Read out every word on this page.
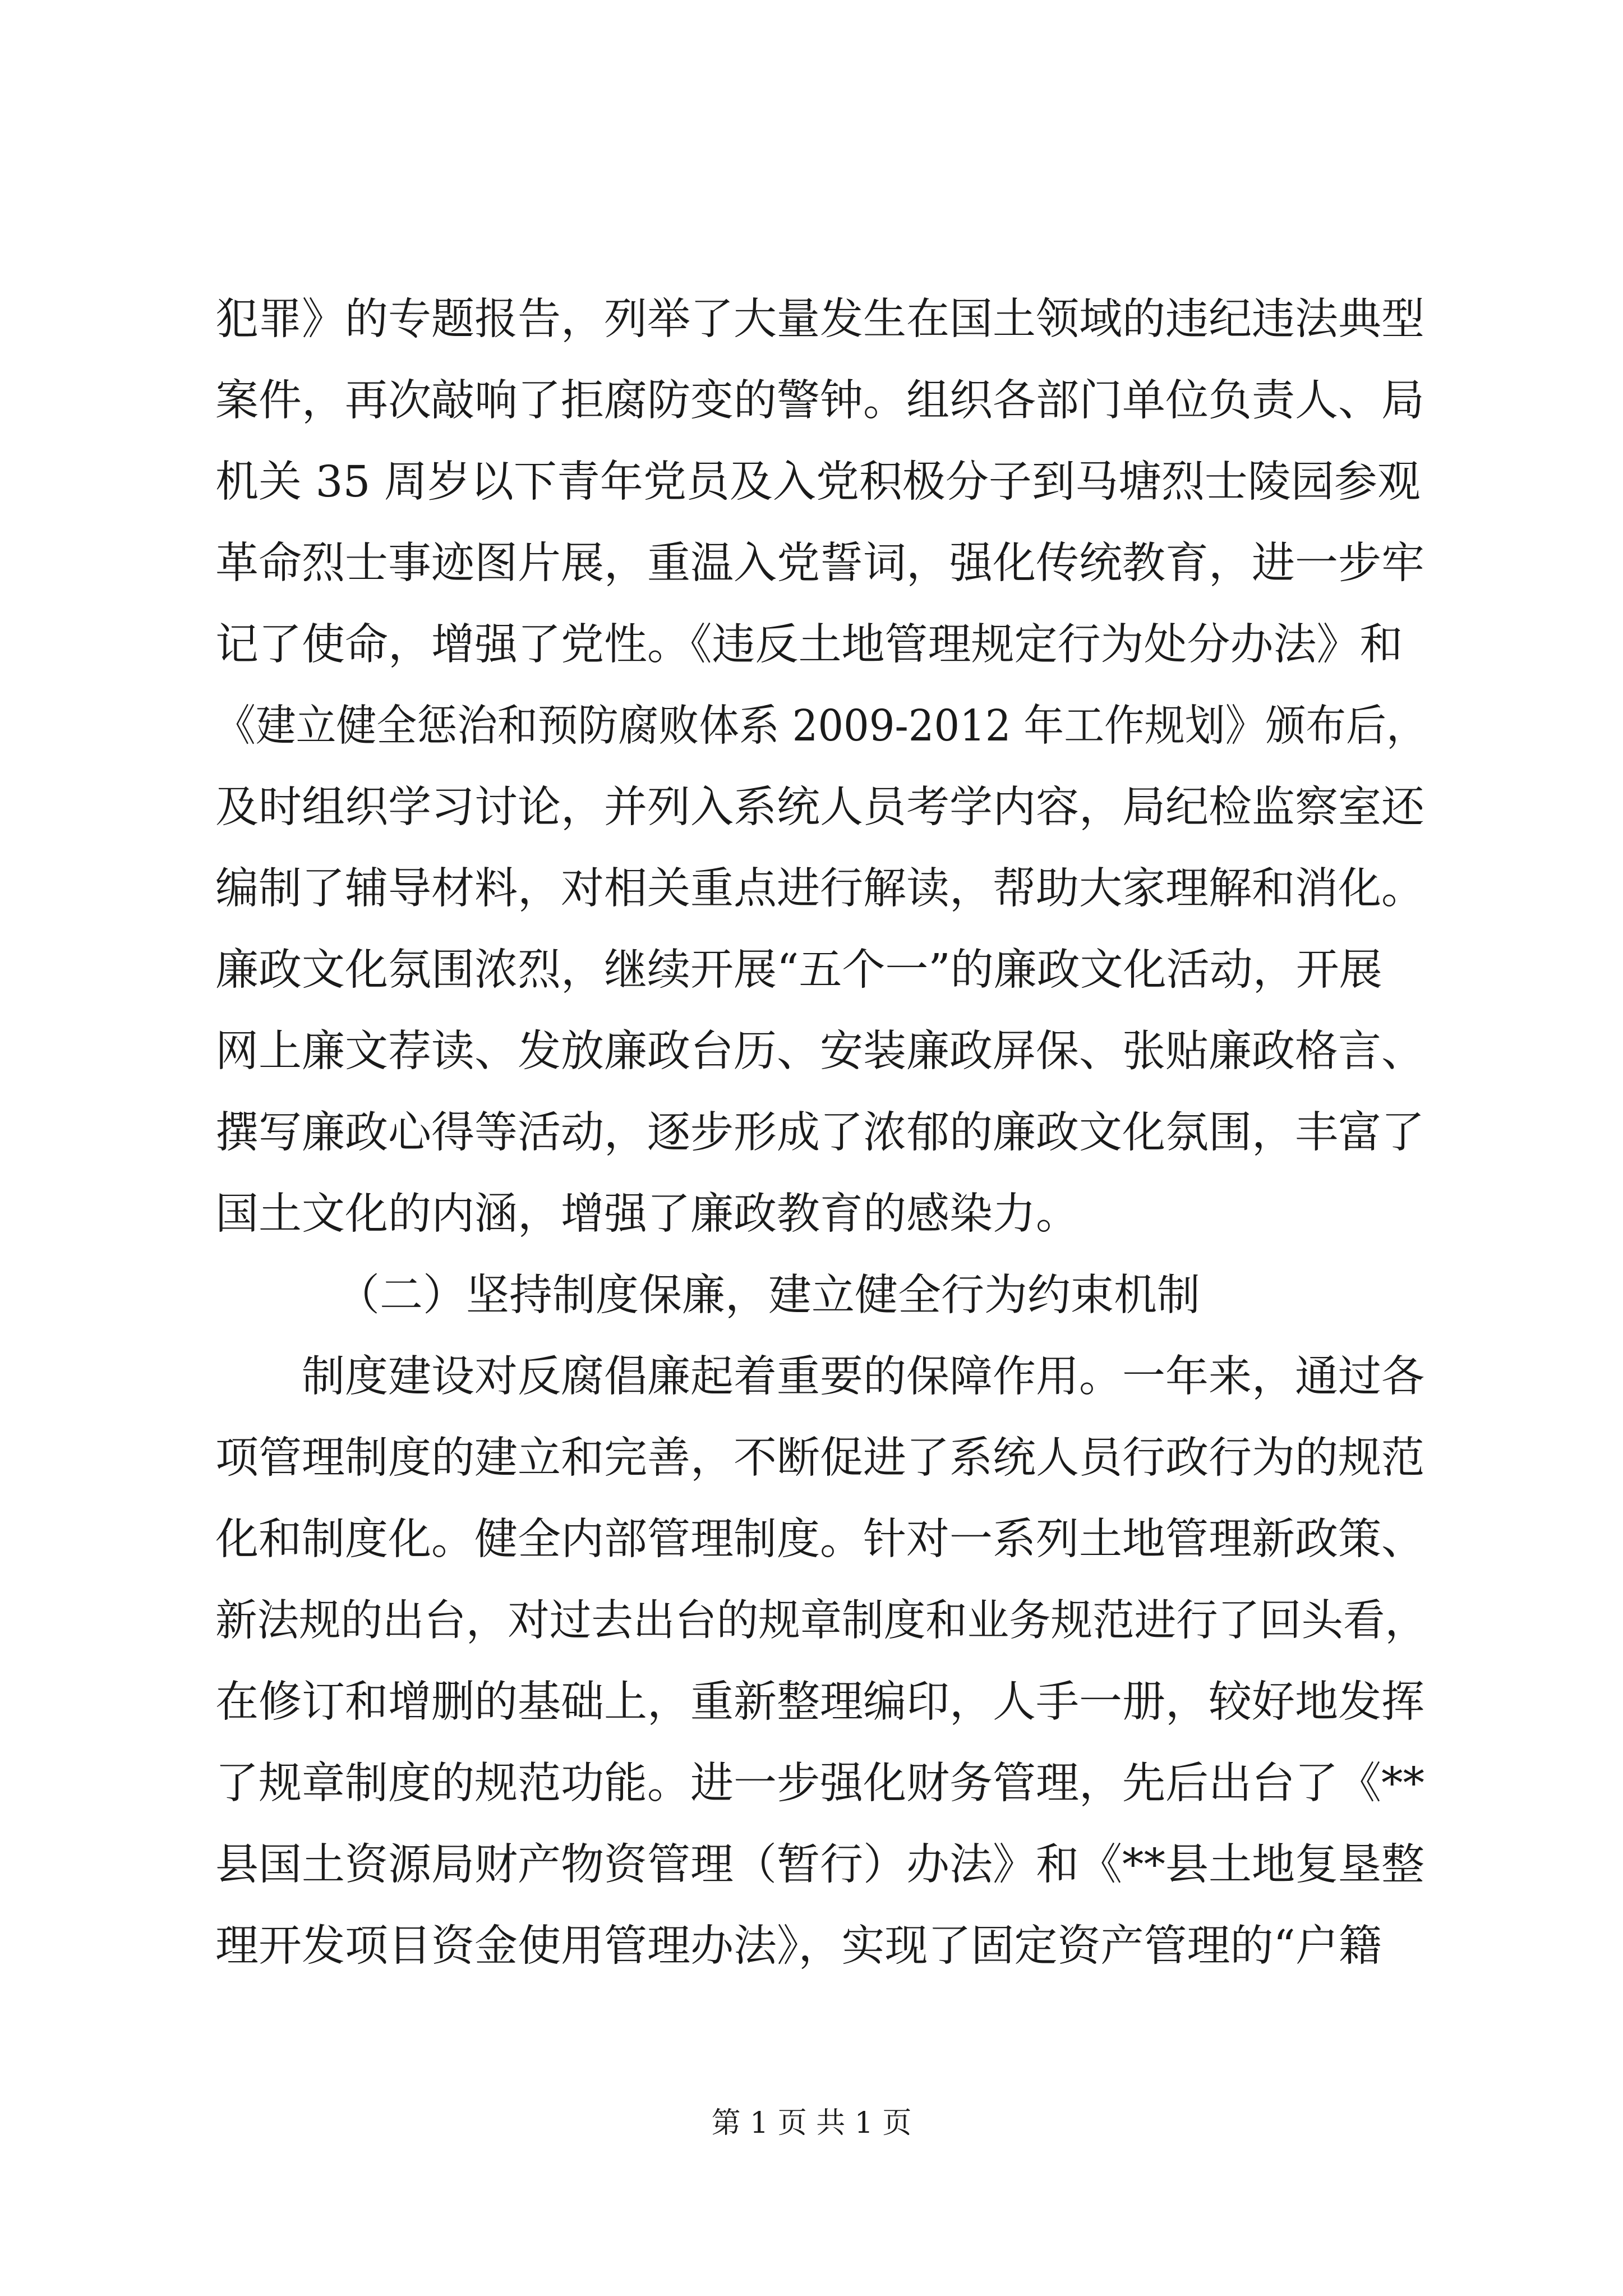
犯罪》的专题报告，列举了大量发生在国土领域的违纪违法典型
案件，再次敲响了拒腐防变的警钟。组织各部门单位负责人、局
机关 35 周岁以下青年党员及入党积极分子到马塘烈士陵园参观
革命烈士事迹图片展，重温入党誓词，强化传统教育，进一步牢
记了使命，增强了党性。《违反土地管理规定行为处分办法》和
《建立健全惩治和预防腐败体系 2009-2012 年工作规划》颁布后，
及时组织学习讨论，并列入系统人员考学内容，局纪检监察室还
编制了辅导材料，对相关重点进行解读，帮助大家理解和消化。
廉政文化氛围浓烈，继续开展“五个一”的廉政文化活动，开展
网上廉文荐读、发放廉政台历、安装廉政屏保、张贴廉政格言、
撰写廉政心得等活动，逐步形成了浓郁的廉政文化氛围，丰富了
国土文化的内涵，增强了廉政教育的感染力。
（二）坚持制度保廉，建立健全行为约束机制
制度建设对反腐倡廉起着重要的保障作用。一年来，通过各
项管理制度的建立和完善，不断促进了系统人员行政行为的规范
化和制度化。健全内部管理制度。针对一系列土地管理新政策、
新法规的出台，对过去出台的规章制度和业务规范进行了回头看，
在修订和增删的基础上，重新整理编印，人手一册，较好地发挥
了规章制度的规范功能。进一步强化财务管理，先后出台了《**
县国土资源局财产物资管理（暂行）办法》和《**县土地复垦整
理开发项目资金使用管理办法》，实现了固定资产管理的“户籍
第 1 页 共 1 页
